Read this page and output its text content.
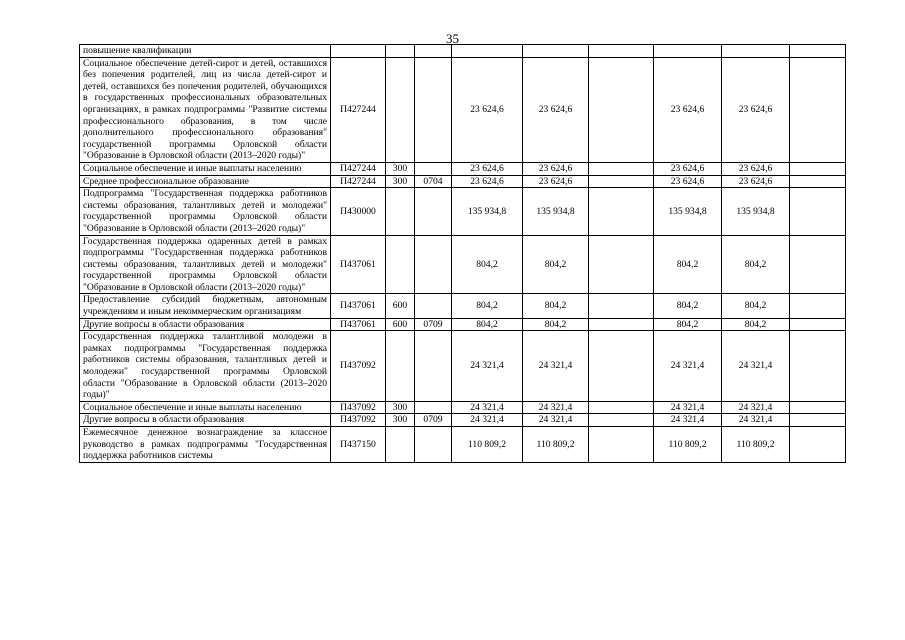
35
повышение квалификации									
Социальное обеспечение детей-сирот и детей, оставшихся без попечения родителей, лиц из числа детей-сирот и детей, оставшихся без попечения родителей, обучающихся в государственных профессиональных образовательных организациях, в рамках подпрограммы "Развитие системы профессионального образования, в том числе дополнительного профессионального образования" государственной программы Орловской области "Образование в Орловской области (2013–2020 годы)"	П427244			23 624,6	23 624,6		23 624,6	23 624,6	
Социальное обеспечение и иные выплаты населению	П427244	300		23 624,6	23 624,6		23 624,6	23 624,6	
Среднее профессиональное образование	П427244	300	0704	23 624,6	23 624,6		23 624,6	23 624,6	
Подпрограмма "Государственная поддержка работников системы образования, талантливых детей и молодежи" государственной программы Орловской области "Образование в Орловской области (2013–2020 годы)"	П430000			135 934,8	135 934,8		135 934,8	135 934,8	
Государственная поддержка одаренных детей в рамках подпрограммы "Государственная поддержка работников системы образования, талантливых детей и молодежи" государственной программы Орловской области "Образование в Орловской области (2013–2020 годы)"	П437061			804,2	804,2		804,2	804,2	
Предоставление субсидий бюджетным, автономным учреждениям и иным некоммерческим организациям	П437061	600		804,2	804,2		804,2	804,2	
Другие вопросы в области образования	П437061	600	0709	804,2	804,2		804,2	804,2	
Государственная поддержка талантливой молодежи в рамках подпрограммы "Государственная поддержка работников системы образования, талантливых детей и молодежи" государственной программы Орловской области "Образование в Орловской области (2013–2020 годы)"	П437092			24 321,4	24 321,4		24 321,4	24 321,4	
Социальное обеспечение и иные выплаты населению	П437092	300		24 321,4	24 321,4		24 321,4	24 321,4	
Другие вопросы в области образования	П437092	300	0709	24 321,4	24 321,4		24 321,4	24 321,4	
Ежемесячное денежное вознаграждение за классное руководство в рамках подпрограммы "Государственная поддержка работников системы	П437150			110 809,2	110 809,2		110 809,2	110 809,2	
